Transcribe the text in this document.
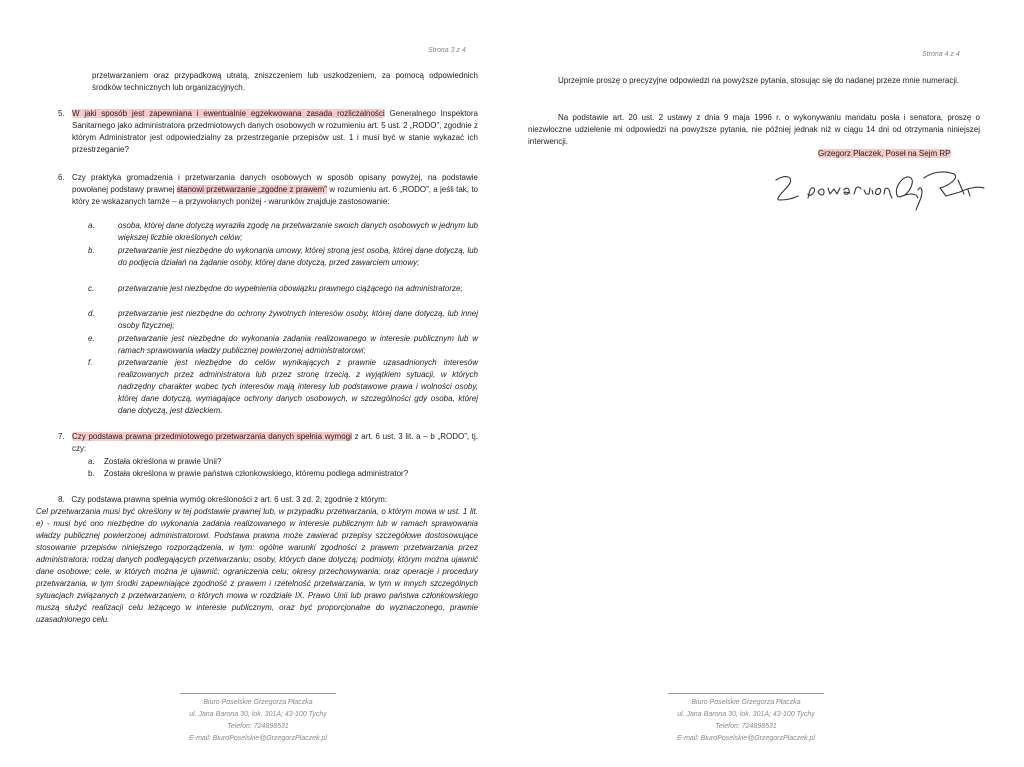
Strona 3 z 4

przetwarzaniem oraz przypadkową utratą, zniszczeniem lub uszkodzeniem, za pomocą odpowiednich środków technicznych lub organizacyjnych.

5. W jaki sposób jest zapewniana i ewentualnie egzekwowana zasada rozliczalności Generalnego Inspektora Sanitarnego jako administratora przedmiotowych danych osobowych w rozumieniu art. 5 ust. 2 „RODO”, zgodnie z którym Administrator jest odpowiedzialny za przestrzeganie przepisów ust. 1 i musi być w stanie wykazać ich przestrzeganie?

6. Czy praktyka gromadzenia i przetwarzania danych osobowych w sposób opisany powyżej, na podstawie powołanej podstawy prawnej stanowi przetwarzanie „zgodne z prawem” w rozumieniu art. 6 „RODO”, a jeśli tak, to który ze wskazanych tamże – a przywołanych poniżej - warunków znajduje zastosowanie:

a.	osoba, której dane dotyczą wyraziła zgodę na przetwarzanie swoich danych osobowych w jednym lub większej liczbie określonych celów;
b.	przetwarzanie jest niezbędne do wykonania umowy, której stroną jest osoba, której dane dotyczą, lub do podjęcia działań na żądanie osoby, której dane dotyczą, przed zawarciem umowy;
c.	przetwarzanie jest niezbędne do wypełnienia obowiązku prawnego ciążącego na administratorze;
d.	przetwarzanie jest niezbędne do ochrony żywotnych interesów osoby, której dane dotyczą, lub innej osoby fizycznej;
e.	przetwarzanie jest niezbędne do wykonania zadania realizowanego w interesie publicznym lub w ramach sprawowania władzy publicznej powierzonej administratorowi;
f.	przetwarzanie jest niezbędne do celów wynikających z prawnie uzasadnionych interesów realizowanych przez administratora lub przez stronę trzecią, z wyjątkiem sytuacji, w których nadrzędny charakter wobec tych interesów mają interesy lub podstawowe prawa i wolności osoby, której dane dotyczą, wymagające ochrony danych osobowych, w szczególności gdy osoba, której dane dotyczą, jest dzieckiem.
7. Czy podstawa prawna przedmiotowego przetwarzania danych spełnia wymogi z art. 6 ust. 3 lit. a – b „RODO”, tj. czy:

a. Została określona w prawie Unii?
b. Została określona w prawie państwa członkowskiego, któremu podlega administrator?

8.   Czy podstawa prawna spełnia wymóg określoności z art. 6 ust. 3 zd. 2, zgodnie z którym:

Cel przetwarzania musi być określony w tej podstawie prawnej lub, w przypadku przetwarzania, o którym mowa w ust. 1 lit. e) - musi być ono niezbędne do wykonania zadania realizowanego w interesie publicznym lub w ramach sprawowania władzy publicznej powierzonej administratorowi. Podstawa prawna może zawierać przepisy szczegółowe dostosowujące stosowanie przepisów niniejszego rozporządzenia, w tym: ogólne warunki zgodności z prawem przetwarzania przez administratora; rodzaj danych podlegających przetwarzaniu; osoby, których dane dotyczą; podmioty, którym można ujawnić dane osobowe; cele, w których można je ujawnić; ograniczenia celu; okresy przechowywania; oraz operacje i procedury przetwarzania, w tym środki zapewniające zgodność z prawem i rzetelność przetwarzania, w tym w innych szczególnych sytuacjach związanych z przetwarzaniem, o których mowa w rozdziale IX. Prawo Unii lub prawo państwa członkowskiego muszą służyć realizacji celu leżącego w interesie publicznym, oraz być proporcjonalne do wyznaczonego, prawnie uzasadnionego celu.

Biuro Poselskie Grzegorza Płaczka
ul. Jana Barona 30, lok. 301A; 43-100 Tychy
Telefon: 724898531
E-mail: BiuroPoselskie@GrzegorzPlaczek.pl
Strona 4 z 4

Uprzejmie proszę o precyzyjne odpowiedzi na powyższe pytania, stosując się do nadanej przeze mnie numeracji.

Na podstawie art. 20 ust. 2 ustawy z dnia 9 maja 1996 r. o wykonywaniu mandatu posła i senatora, proszę o niezwłoczne udzielenie mi odpowiedzi na powyższe pytania, nie później jednak niż w ciągu 14 dni od otrzymania niniejszej interwencji.

Grzegorz Płaczek, Poseł na Sejm RP
Biuro Poselskie Grzegorza Płaczka
ul. Jana Barona 30, lok. 301A; 43-100 Tychy
Telefon: 724898531
E-mail: BiuroPoselskie@GrzegorzPlaczek.pl
